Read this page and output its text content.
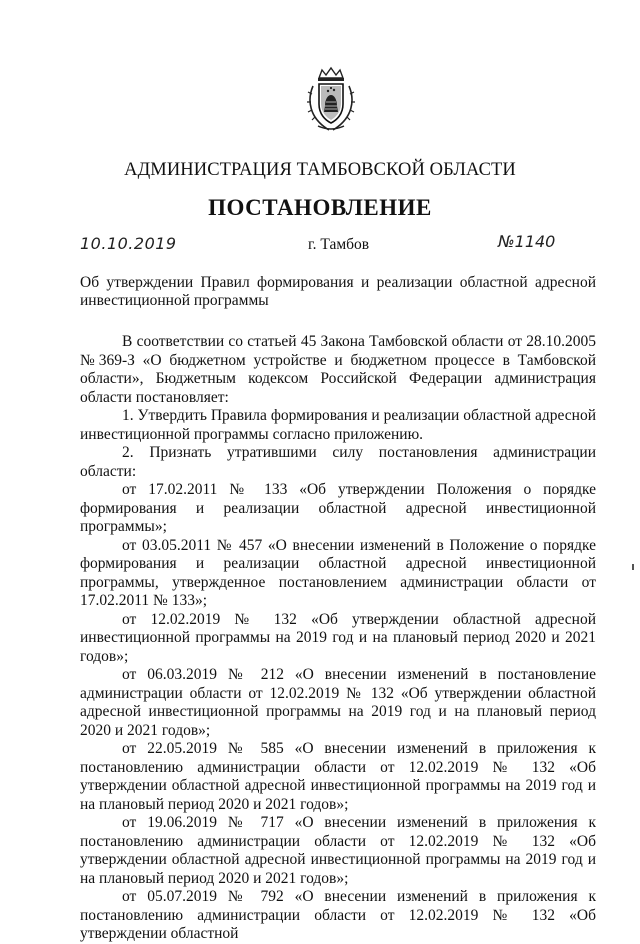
АДМИНИСТРАЦИЯ ТАМБОВСКОЙ ОБЛАСТИ
ПОСТАНОВЛЕНИЕ
10.10.2019	г. Тамбов	№1140

Об утверждении Правил формирования и реализации областной адресной инвестиционной программы

В соответствии со статьей 45 Закона Тамбовской области от 28.10.2005 №369-З «О бюджетном устройстве и бюджетном процессе в Тамбовской области», Бюджетным кодексом Российской Федерации администрация области постановляет:

1. Утвердить Правила формирования и реализации областной адресной инвестиционной программы согласно приложению.

2. Признать утратившими силу постановления администрации области:

от 17.02.2011 № 133 «Об утверждении Положения о порядке формирования и реализации областной адресной инвестиционной программы»;

от 03.05.2011 № 457 «О внесении изменений в Положение о порядке формирования и реализации областной адресной инвестиционной программы, утвержденное постановлением администрации области от 17.02.2011 № 133»;

от 12.02.2019 № 132 «Об утверждении областной адресной инвестиционной программы на 2019 год и на плановый период 2020 и 2021 годов»;

от 06.03.2019 № 212 «О внесении изменений в постановление администрации области от 12.02.2019 № 132 «Об утверждении областной адресной инвестиционной программы на 2019 год и на плановый период 2020 и 2021 годов»;

от 22.05.2019 № 585 «О внесении изменений в приложения к постановлению администрации области от 12.02.2019 № 132 «Об утверждении областной адресной инвестиционной программы на 2019 год и на плановый период 2020 и 2021 годов»;

от 19.06.2019 № 717 «О внесении изменений в приложения к постановлению администрации области от 12.02.2019 № 132 «Об утверждении областной адресной инвестиционной программы на 2019 год и на плановый период 2020 и 2021 годов»;

от 05.07.2019 № 792 «О внесении изменений в приложения к постановлению администрации области от 12.02.2019 № 132 «Об утверждении областной
